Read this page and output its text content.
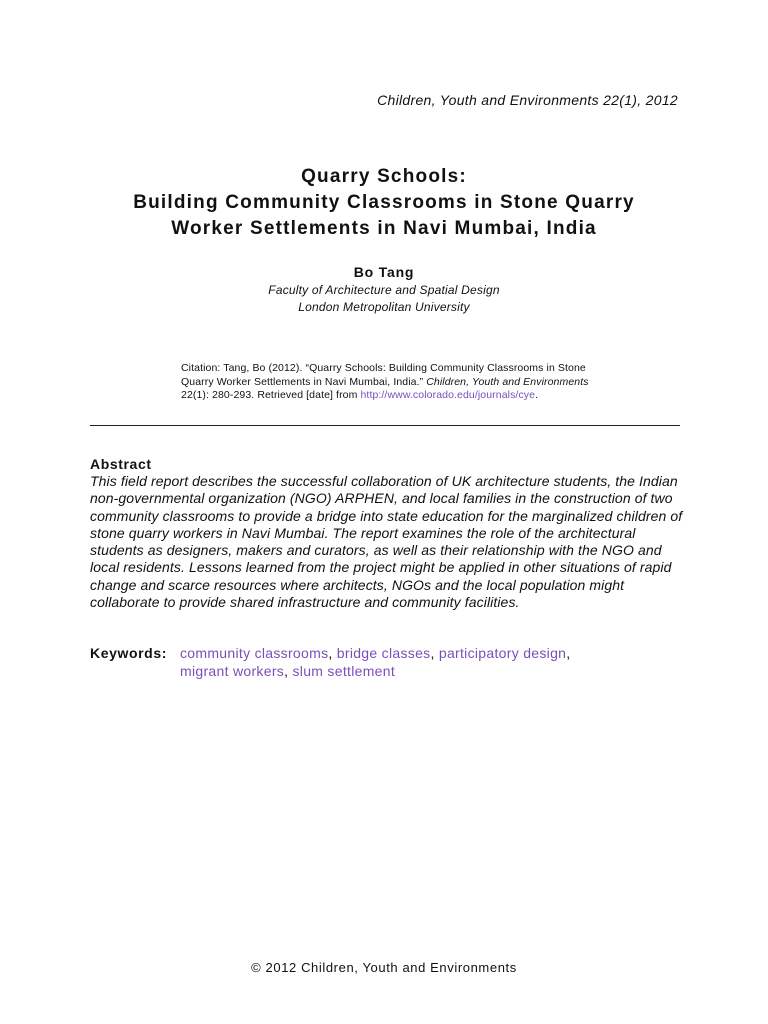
Children, Youth and Environments 22(1), 2012
Quarry Schools:
Building Community Classrooms in Stone Quarry
Worker Settlements in Navi Mumbai, India
Bo Tang
Faculty of Architecture and Spatial Design
London Metropolitan University
Citation: Tang, Bo (2012). “Quarry Schools: Building Community Classrooms in Stone Quarry Worker Settlements in Navi Mumbai, India.” Children, Youth and Environments 22(1): 280-293. Retrieved [date] from http://www.colorado.edu/journals/cye.
Abstract
This field report describes the successful collaboration of UK architecture students, the Indian non-governmental organization (NGO) ARPHEN, and local families in the construction of two community classrooms to provide a bridge into state education for the marginalized children of stone quarry workers in Navi Mumbai. The report examines the role of the architectural students as designers, makers and curators, as well as their relationship with the NGO and local residents. Lessons learned from the project might be applied in other situations of rapid change and scarce resources where architects, NGOs and the local population might collaborate to provide shared infrastructure and community facilities.
Keywords: community classrooms, bridge classes, participatory design,
migrant workers, slum settlement
© 2012 Children, Youth and Environments
